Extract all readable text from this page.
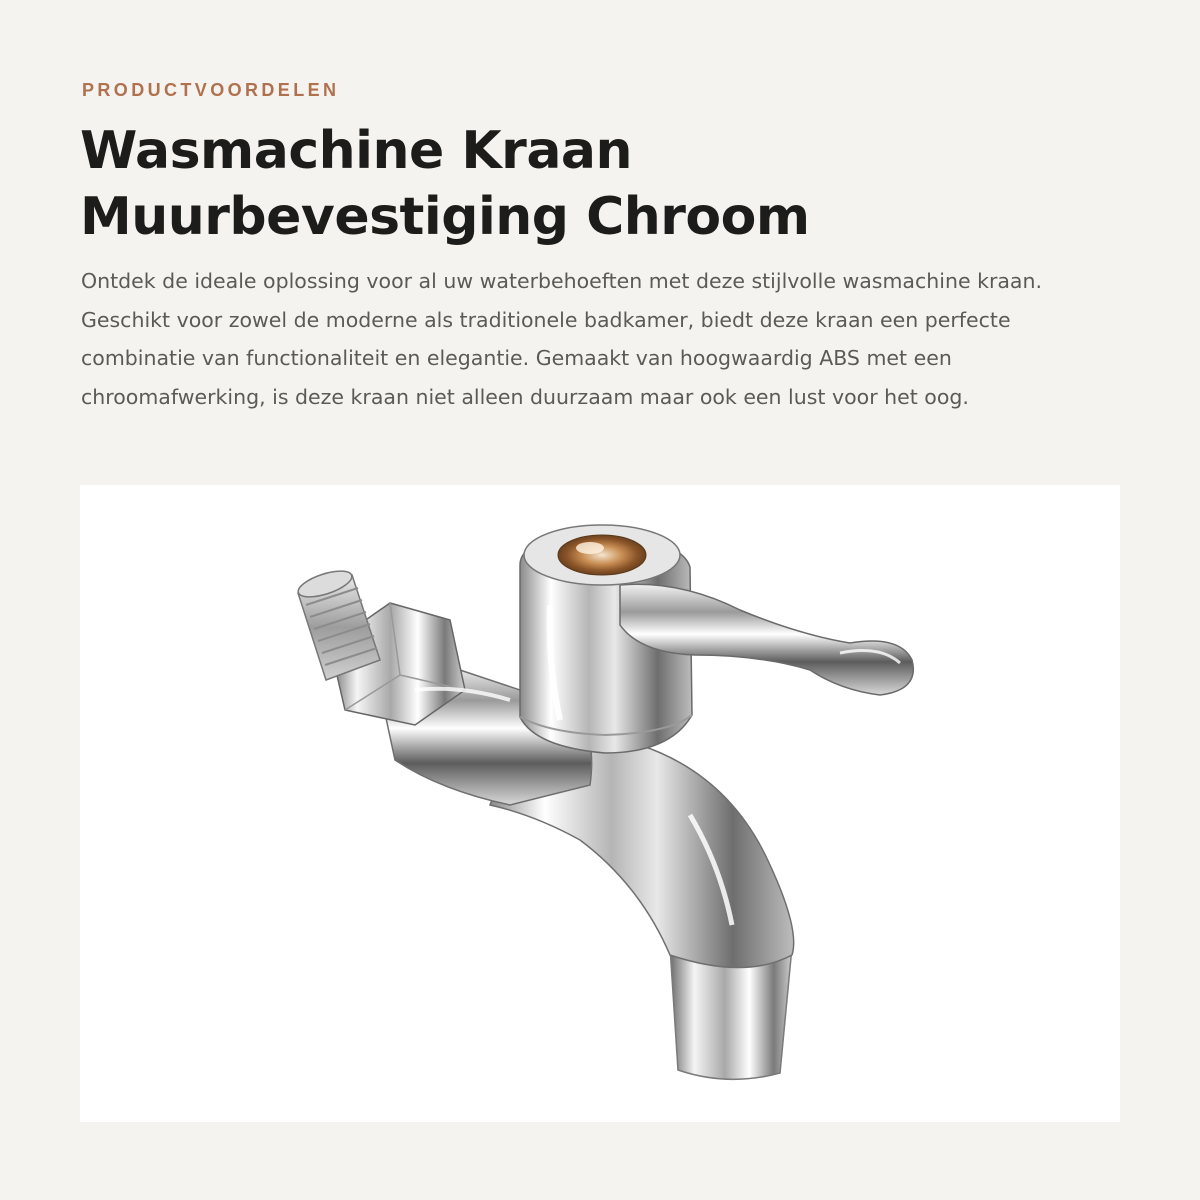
PRODUCTVOORDELEN
Wasmachine Kraan
Muurbevestiging Chroom

Ontdek de ideale oplossing voor al uw waterbehoeften met deze stijlvolle wasmachine kraan. Geschikt voor zowel de moderne als traditionele badkamer, biedt deze kraan een perfecte combinatie van functionaliteit en elegantie. Gemaakt van hoogwaardig ABS met een chroomafwerking, is deze kraan niet alleen duurzaam maar ook een lust voor het oog.
